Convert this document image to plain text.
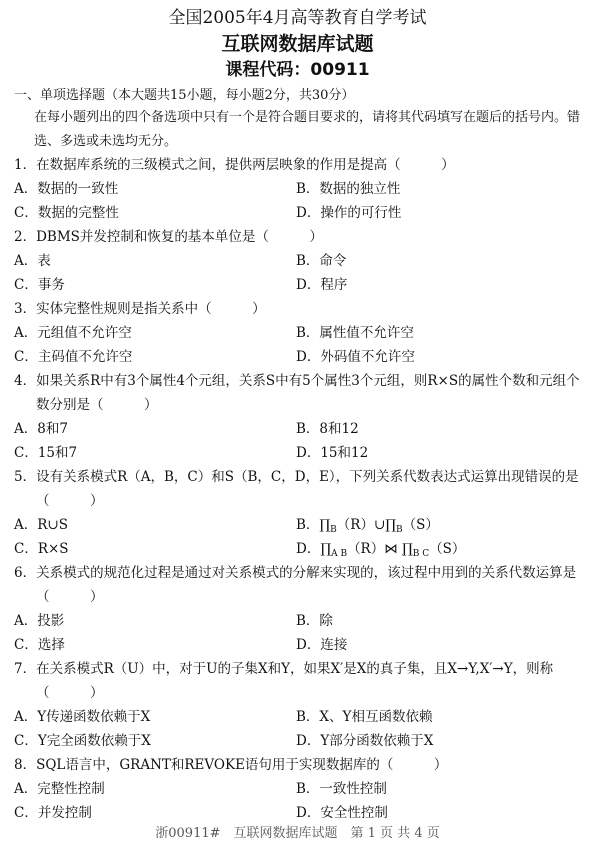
全国2005年4月高等教育自学考试
互联网数据库试题
课程代码：00911
一、单项选择题（本大题共15小题，每小题2分，共30分）
在每小题列出的四个备选项中只有一个是符合题目要求的，请将其代码填写在题后的括号内。错选、多选或未选均无分。
1．在数据库系统的三级模式之间，提供两层映象的作用是提高（　　　）
A．数据的一致性	B．数据的独立性
C．数据的完整性	D．操作的可行性
2．DBMS并发控制和恢复的基本单位是（　　　）
A．表	B．命令
C．事务	D．程序
3．实体完整性规则是指关系中（　　　）
A．元组值不允许空	B．属性值不允许空
C．主码值不允许空	D．外码值不允许空
4．如果关系R中有3个属性4个元组，关系S中有5个属性3个元组，则R×S的属性个数和元组个数分别是（　　　）
A．8和7	B．8和12
C．15和7	D．15和12
5．设有关系模式R（A，B，C）和S（B，C，D，E），下列关系代数表达式运算出现错误的是（　　　）
A．R∪S	B．$\prod_B(R)\cup\prod_B(S)$
C．R×S	D．$\prod_{A B}(R)⋈$ $\prod_{B C}(S)$
6．关系模式的规范化过程是通过对关系模式的分解来实现的，该过程中用到的关系代数运算是（　　　）
A．投影	B．除
C．选择	D．连接
7．在关系模式R（U）中，对于U的子集X和Y，如果X′是X的真子集，且X→Y,X′→Y，则称（　　　）
A．Y传递函数依赖于X	B．X、Y相互函数依赖
C．Y完全函数依赖于X	D．Y部分函数依赖于X
8．SQL语言中，GRANT和REVOKE语句用于实现数据库的（　　　）
A．完整性控制	B．一致性控制
C．并发控制	D．安全性控制
浙00911#　互联网数据库试题　第 1 页 共 4 页
